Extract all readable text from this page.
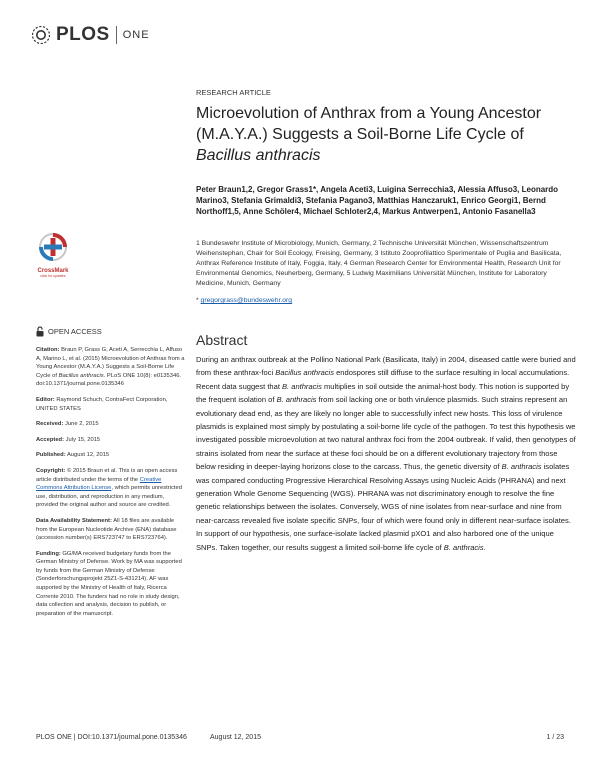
PLOS ONE
RESEARCH ARTICLE
Microevolution of Anthrax from a Young Ancestor (M.A.Y.A.) Suggests a Soil-Borne Life Cycle of Bacillus anthracis
Peter Braun1,2, Gregor Grass1*, Angela Aceti3, Luigina Serrecchia3, Alessia Affuso3, Leonardo Marino3, Stefania Grimaldi3, Stefania Pagano3, Matthias Hanczaruk1, Enrico Georgi1, Bernd Northoff1,5, Anne Schöler4, Michael Schloter2,4, Markus Antwerpen1, Antonio Fasanella3
1 Bundeswehr Institute of Microbiology, Munich, Germany, 2 Technische Universität München, Wissenschaftszentrum Weihenstephan, Chair for Soil Ecology, Freising, Germany, 3 Istituto Zooprofilattico Sperimentale of Puglia and Basilicata, Anthrax Reference Institute of Italy, Foggia, Italy, 4 German Research Center for Environmental Health, Research Unit for Environmental Genomics, Neuherberg, Germany, 5 Ludwig Maximilians Universität München, Institute for Laboratory Medicine, Munich, Germany
* gregorgrass@bundeswehr.org
CrossMark
click for updates
OPEN ACCESS

Citation: Braun P, Grass G, Aceti A, Serrecchia L, Affuso A, Marino L, et al. (2015) Microevolution of Anthrax from a Young Ancestor (M.A.Y.A.) Suggests a Soil-Borne Life Cycle of Bacillus anthracis. PLoS ONE 10(8): e0135346. doi:10.1371/journal.pone.0135346

Editor: Raymond Schuch, ContraFect Corporation, UNITED STATES

Received: June 2, 2015

Accepted: July 15, 2015

Published: August 12, 2015

Copyright: © 2015 Braun et al. This is an open access article distributed under the terms of the Creative Commons Attribution License, which permits unrestricted use, distribution, and reproduction in any medium, provided the original author and source are credited.

Data Availability Statement: All 18 files are available from the European Nucleotide Archive (ENA) database (accession number(s) ERS723747 to ERS723764).

Funding: GG/MA received budgetary funds from the German Ministry of Defense. Work by MA was supported by funds from the German Ministry of Defense (Sonderforschungsprojekt 25Z1-S-431214). AF was supported by the Ministry of Health of Italy, Ricerca Corrente 2010. The funders had no role in study design, data collection and analysis, decision to publish, or preparation of the manuscript.

Abstract
During an anthrax outbreak at the Pollino National Park (Basilicata, Italy) in 2004, diseased cattle were buried and from these anthrax-foci Bacillus anthracis endospores still diffuse to the surface resulting in local accumulations. Recent data suggest that B. anthracis multiplies in soil outside the animal-host body. This notion is supported by the frequent isolation of B. anthracis from soil lacking one or both virulence plasmids. Such strains represent an evolutionary dead end, as they are likely no longer able to successfully infect new hosts. This loss of virulence plasmids is explained most simply by postulating a soil-borne life cycle of the pathogen. To test this hypothesis we investigated possible microevolution at two natural anthrax foci from the 2004 outbreak. If valid, then genotypes of strains isolated from near the surface at these foci should be on a different evolutionary trajectory from those below residing in deeper-laying horizons close to the carcass. Thus, the genetic diversity of B. anthracis isolates was compared conducting Progressive Hierarchical Resolving Assays using Nucleic Acids (PHRANA) and next generation Whole Genome Sequencing (WGS). PHRANA was not discriminatory enough to resolve the fine genetic relationships between the isolates. Conversely, WGS of nine isolates from near-surface and nine from near-carcass revealed five isolate specific SNPs, four of which were found only in different near-surface isolates. In support of our hypothesis, one surface-isolate lacked plasmid pXO1 and also harbored one of the unique SNPs. Taken together, our results suggest a limited soil-borne life cycle of B. anthracis.
PLOS ONE | DOI:10.1371/journal.pone.0135346	August 12, 2015	1 / 23
